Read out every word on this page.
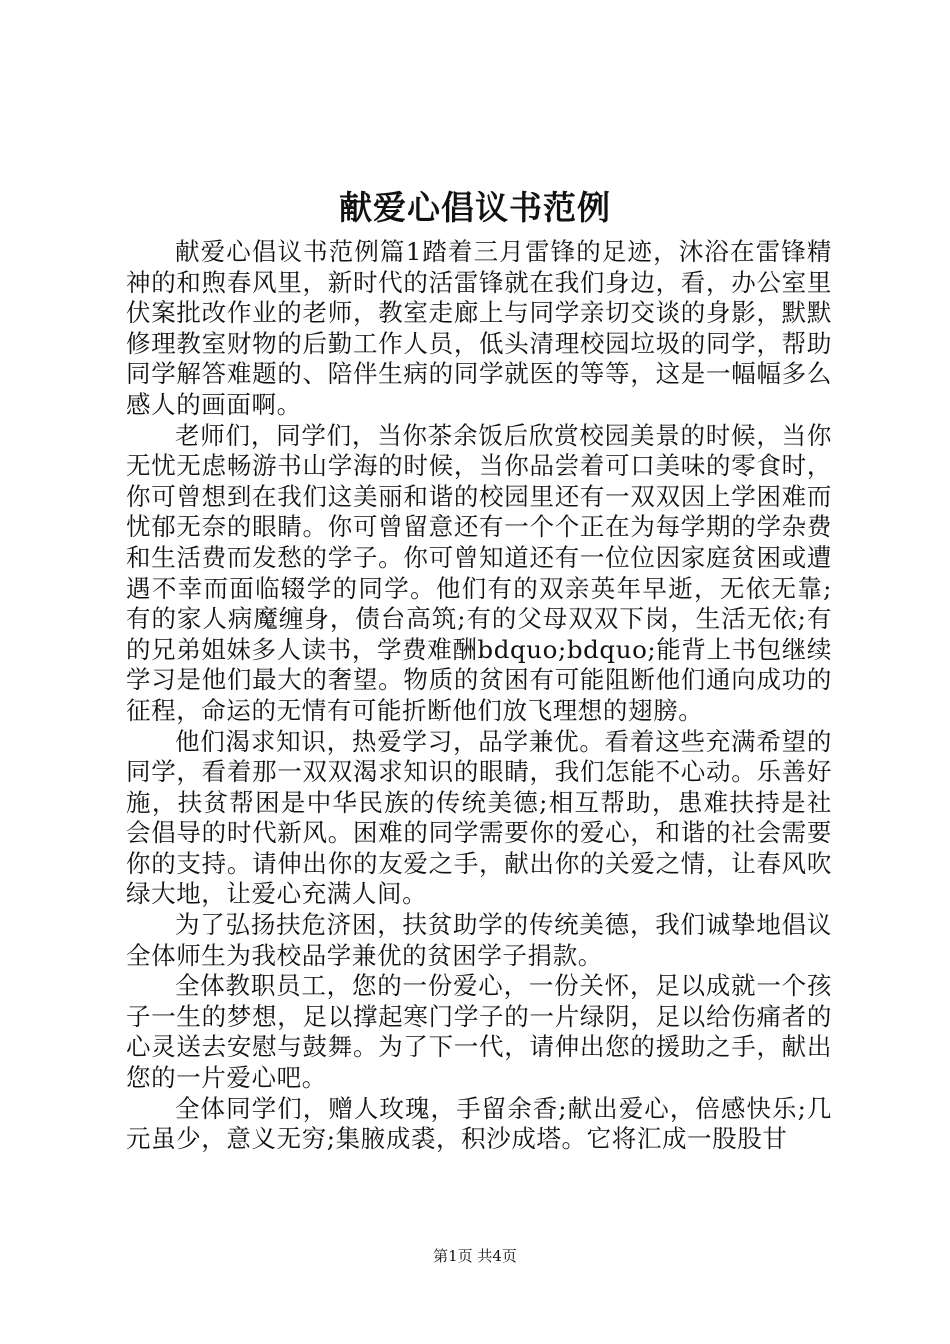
献爱心倡议书范例

献爱心倡议书范例篇1踏着三月雷锋的足迹，沐浴在雷锋精神的和煦春风里，新时代的活雷锋就在我们身边，看，办公室里伏案批改作业的老师，教室走廊上与同学亲切交谈的身影，默默修理教室财物的后勤工作人员，低头清理校园垃圾的同学，帮助同学解答难题的、陪伴生病的同学就医的等等，这是一幅幅多么感人的画面啊。

老师们，同学们，当你茶余饭后欣赏校园美景的时候，当你无忧无虑畅游书山学海的时候，当你品尝着可口美味的零食时，你可曾想到在我们这美丽和谐的校园里还有一双双因上学困难而忧郁无奈的眼睛。你可曾留意还有一个个正在为每学期的学杂费和生活费而发愁的学子。你可曾知道还有一位位因家庭贫困或遭遇不幸而面临辍学的同学。他们有的双亲英年早逝，无依无靠;有的家人病魔缠身，债台高筑;有的父母双双下岗，生活无依;有的兄弟姐妹多人读书，学费难酬bdquo;bdquo;能背上书包继续学习是他们最大的奢望。物质的贫困有可能阻断他们通向成功的征程，命运的无情有可能折断他们放飞理想的翅膀。

他们渴求知识，热爱学习，品学兼优。看着这些充满希望的同学，看着那一双双渴求知识的眼睛，我们怎能不心动。乐善好施，扶贫帮困是中华民族的传统美德;相互帮助，患难扶持是社会倡导的时代新风。困难的同学需要你的爱心，和谐的社会需要你的支持。请伸出你的友爱之手，献出你的关爱之情，让春风吹绿大地，让爱心充满人间。

为了弘扬扶危济困，扶贫助学的传统美德，我们诚挚地倡议全体师生为我校品学兼优的贫困学子捐款。

全体教职员工，您的一份爱心，一份关怀，足以成就一个孩子一生的梦想，足以撑起寒门学子的一片绿阴，足以给伤痛者的心灵送去安慰与鼓舞。为了下一代，请伸出您的援助之手，献出您的一片爱心吧。

全体同学们，赠人玫瑰，手留余香;献出爱心，倍感快乐;几元虽少，意义无穷;集腋成裘，积沙成塔。它将汇成一股股甘

第1页 共4页
